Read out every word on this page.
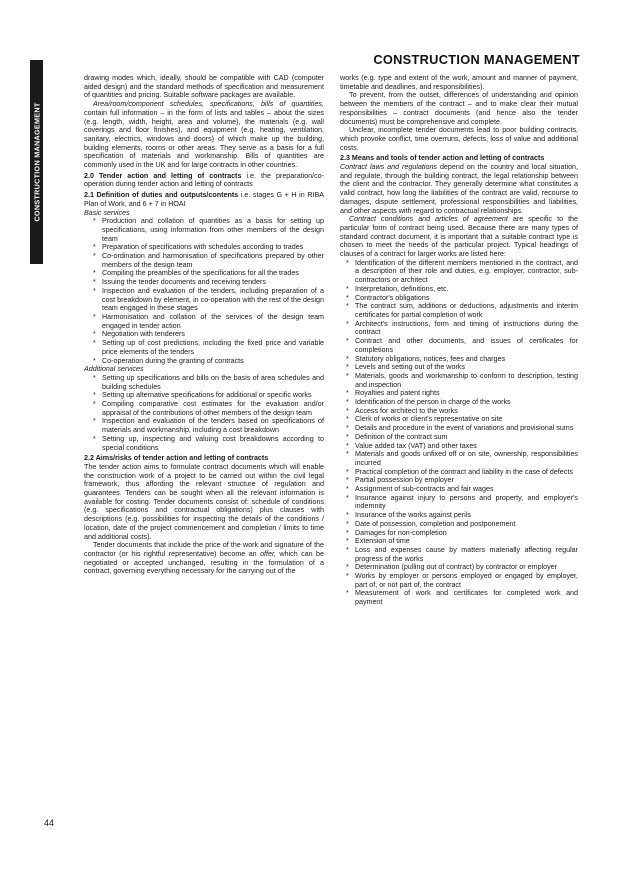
CONSTRUCTION MANAGEMENT
CONSTRUCTION MANAGEMENT

drawing modes which, ideally, should be compatible with CAD (computer aided design) and the standard methods of specification and measurement of quantities and pricing. Suitable software packages are available.

Area/room/component schedules, specifications, bills of quantities, contain full information – in the form of lists and tables – about the sizes (e.g. length, width, height, area and volume), the materials (e.g. wall coverings and floor finishes), and equipment (e.g. heating, ventilation, sanitary, electrics, windows and doors) of which make up the building, building elements, rooms or other areas. They serve as a basis for a full specification of materials and workmanship. Bills of quantities are commonly used in the UK and for large contracts in other countries.

2.0 Tender action and letting of contracts i.e. the preparation/co-operation during tender action and letting of contracts

2.1 Definition of duties and outputs/contents i.e. stages G + H in RIBA Plan of Work, and 6 + 7 in HOAI

Basic services

* Production and collation of quantities as a basis for setting up specifications, using information from other members of the design team
* Preparation of specifications with schedules according to trades
* Co-ordination and harmonisation of specifications prepared by other members of the design team
* Compiling the preambles of the specifications for all the trades
* Issuing the tender documents and receiving tenders
* Inspection and evaluation of the tenders, including preparation of a cost breakdown by element, in co-operation with the rest of the design team engaged in these stages
* Harmonisation and collation of the services of the design team engaged in tender action
* Negotiation with tenderers
* Setting up of cost predictions, including the fixed price and variable price elements of the tenders
* Co-operation during the granting of contracts

Additional services

* Setting up specifications and bills on the basis of area schedules and building schedules
* Setting up alternative specifications for additional or specific works
* Compiling comparative cost estimates for the evaluation and/or appraisal of the contributions of other members of the design team
* Inspection and evaluation of the tenders based on specifications of materials and workmanship, including a cost breakdown
* Setting up, inspecting and valuing cost breakdowns according to special conditions

2.2 Aims/risks of tender action and letting of contracts

The tender action aims to formulate contract documents which will enable the construction work of a project to be carried out within the civil legal framework, thus affording the relevant structure of regulation and guarantees. Tenders can be sought when all the relevant information is available for costing. Tender documents consist of: schedule of conditions (e.g. specifications and contractual obligations) plus clauses with descriptions (e.g. possibilities for inspecting the details of the conditions / location, date of the project commencement and completion / limits to time and additional costs).

Tender documents that include the price of the work and signature of the contractor (or his rightful representative) become an offer, which can be negotiated or accepted unchanged, resulting in the formulation of a contract, governing everything necessary for the carrying out of the

works (e.g. type and extent of the work, amount and manner of payment, timetable and deadlines, and responsibilities).

To prevent, from the outset, differences of understanding and opinion between the members of the contract – and to make clear their mutual responsibilities – contract documents (and hence also the tender documents) must be comprehensive and complete.

Unclear, incomplete tender documents lead to poor building contracts, which provoke conflict, time overruns, defects, loss of value and additional costs.

2.3 Means and tools of tender action and letting of contracts

Contract laws and regulations depend on the country and local situation, and regulate, through the building contract, the legal relationship between the client and the contractor. They generally determine what constitutes a valid contract, how long the liabilities of the contract are valid, recourse to damages, dispute settlement, professional responsibilities and liabilities, and other aspects with regard to contractual relationships.

Contract conditions and articles of agreement are specific to the particular form of contract being used. Because there are many types of standard contract document, it is important that a suitable contract type is chosen to meet the needs of the particular project. Typical headings of clauses of a contract for larger works are listed here:

* Identification of the different members mentioned in the contract, and a description of their role and duties, e.g. employer, contractor, sub-contractors or architect
* Interpretation, definitions, etc.
* Contractor's obligations
* The contract sum, additions or deductions, adjustments and interim certificates for partial completion of work
* Architect's instructions, form and timing of instructions during the contract
* Contract and other documents, and issues of certificates for completions
* Statutory obligations, notices, fees and charges
* Levels and setting out of the works
* Materials, goods and workmanship to conform to description, testing and inspection
* Royalties and patent rights
* Identification of the person in charge of the works
* Access for architect to the works
* Clerk of works or client's representative on site
* Details and procedure in the event of variations and provisional sums
* Definition of the contract sum
* Value added tax (VAT) and other taxes
* Materials and goods unfixed off or on site, ownership, responsibilities incurred
* Practical completion of the contract and liability in the case of defects
* Partial possession by employer
* Assignment of sub-contracts and fair wages
* Insurance against injury to persons and property, and employer's indemnity
* Insurance of the works against perils
* Date of possession, completion and postponement
* Damages for non-completion
* Extension of time
* Loss and expenses cause by matters materially affecting regular progress of the works
* Determination (pulling out of contract) by contractor or employer
* Works by employer or persons employed or engaged by employer, part of, or not part of, the contract
* Measurement of work and certificates for completed work and payment
44
